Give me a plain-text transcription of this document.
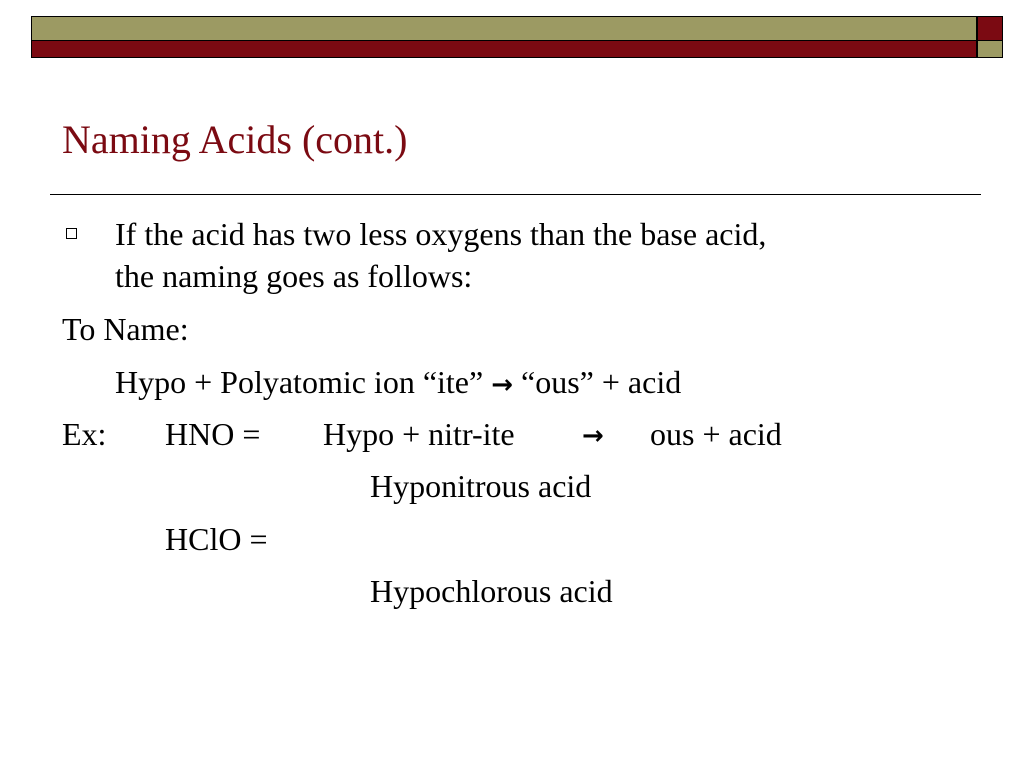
Naming Acids (cont.)
If the acid has two less oxygens than the base acid,
the naming goes as follows:
To Name:
Hypo + Polyatomic ion “ite” → “ous” + acid
Ex: HNO = Hypo + nitr-ite	→ ous + acid
Hyponitrous acid
HClO =
Hypochlorous acid
